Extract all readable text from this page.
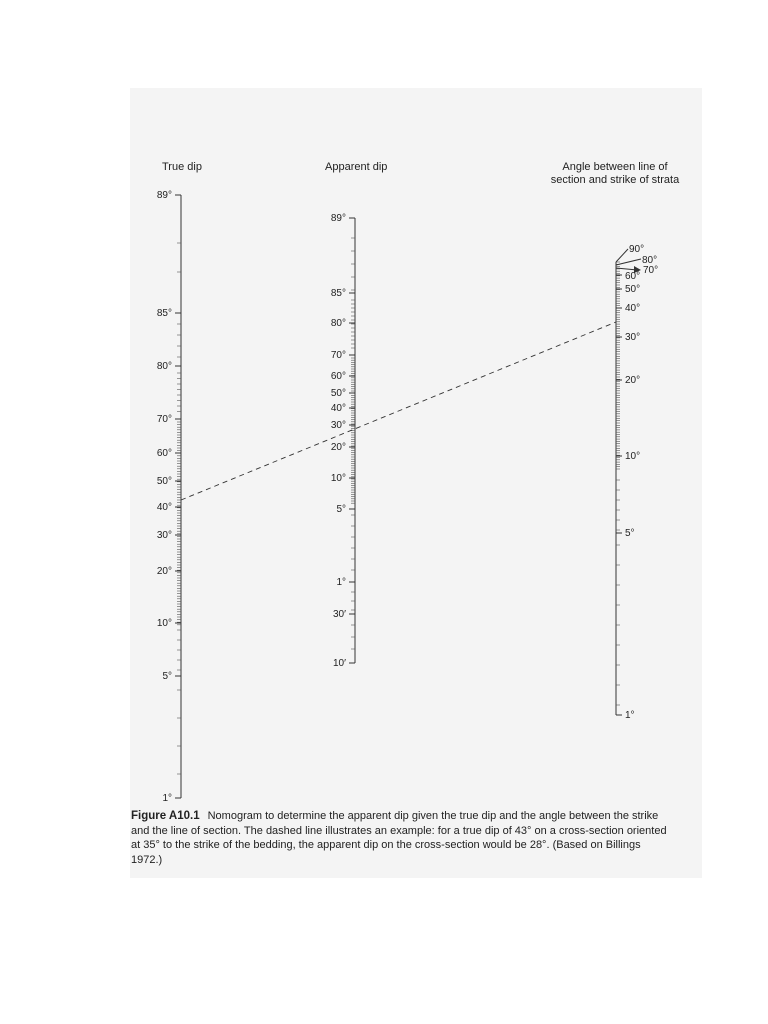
True dip	Apparent dip	Angle between line of
section and strike of strata
89°
85°
80°
70°
60°
50°
40°
30°
20°
10°
5°
1°
89°
85°
80°
70°
60°
50°
40°
30°
20°
10°
5°
1°
30′
10′
90°
80°
70°
60°
50°
40°
30°
20°
10°
5°
1°
Figure A10.1 Nomogram to determine the apparent dip given the true dip and the angle between the strike
and the line of section. The dashed line illustrates an example: for a true dip of 43° on a cross-section oriented
at 35° to the strike of the bedding, the apparent dip on the cross-section would be 28°. (Based on Billings
1972.)
